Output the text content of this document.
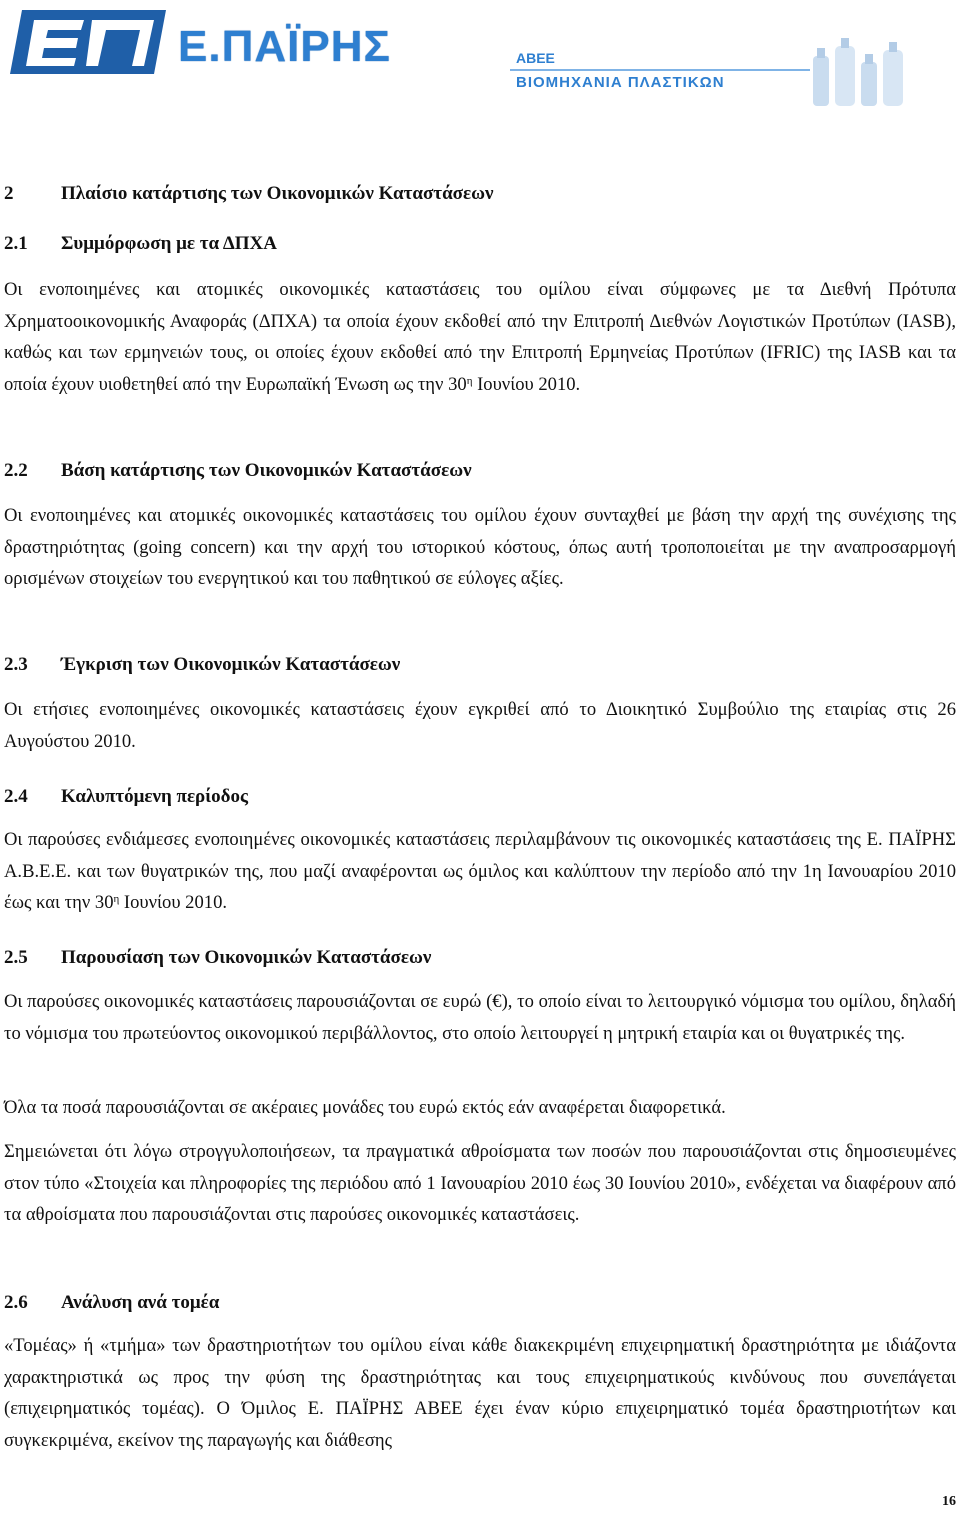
Ε.ΠΑΪΡΗΣ	ΑΒΕΕ
ΒΙΟΜΗΧΑΝΙΑ ΠΛΑΣΤΙΚΩΝ
2	Πλαίσιο κατάρτισης των Οικονομικών Καταστάσεων
2.1 Συμμόρφωση με τα ΔΠΧΑ
Οι ενοποιημένες και ατομικές οικονομικές καταστάσεις του ομίλου είναι σύμφωνες με τα Διεθνή Πρότυπα Χρηματοοικονομικής Αναφοράς (ΔΠΧΑ) τα οποία έχουν εκδοθεί από την Επιτροπή Διεθνών Λογιστικών Προτύπων (IASB), καθώς και των ερμηνειών τους, οι οποίες έχουν εκδοθεί από την Επιτροπή Ερμηνείας Προτύπων (IFRIC) της IASB και τα οποία έχουν υιοθετηθεί από την Ευρωπαϊκή Ένωση ως την $30^\eta$ Ιουνίου 2010.
2.2 Βάση κατάρτισης των Οικονομικών Καταστάσεων
Οι ενοποιημένες και ατομικές οικονομικές καταστάσεις του ομίλου έχουν συνταχθεί με βάση την αρχή της συνέχισης της δραστηριότητας (going concern) και την αρχή του ιστορικού κόστους, όπως αυτή τροποποιείται με την αναπροσαρμογή ορισμένων στοιχείων του ενεργητικού και του παθητικού σε εύλογες αξίες.
2.3 Έγκριση των Οικονομικών Καταστάσεων
Οι ετήσιες ενοποιημένες οικονομικές καταστάσεις έχουν εγκριθεί από το Διοικητικό Συμβούλιο της εταιρίας στις 26 Αυγούστου 2010.
2.4 Καλυπτόμενη περίοδος
Οι παρούσες ενδιάμεσες ενοποιημένες οικονομικές καταστάσεις περιλαμβάνουν τις οικονομικές καταστάσεις της Ε. ΠΑΪΡΗΣ Α.Β.Ε.Ε. και των θυγατρικών της, που μαζί αναφέρονται ως όμιλος και καλύπτουν την περίοδο από την 1η Ιανουαρίου 2010 έως και την $30^\eta$ Ιουνίου 2010.
2.5 Παρουσίαση των Οικονομικών Καταστάσεων
Οι παρούσες οικονομικές καταστάσεις παρουσιάζονται σε ευρώ (€), το οποίο είναι το λειτουργικό νόμισμα του ομίλου, δηλαδή το νόμισμα του πρωτεύοντος οικονομικού περιβάλλοντος, στο οποίο λειτουργεί η μητρική εταιρία και οι θυγατρικές της.
Όλα τα ποσά παρουσιάζονται σε ακέραιες μονάδες του ευρώ εκτός εάν αναφέρεται διαφορετικά.
Σημειώνεται ότι λόγω στρογγυλοποιήσεων, τα πραγματικά αθροίσματα των ποσών που παρουσιάζονται στις δημοσιευμένες στον τύπο «Στοιχεία και πληροφορίες της περιόδου από 1 Ιανουαρίου 2010 έως 30 Ιουνίου 2010», ενδέχεται να διαφέρουν από τα αθροίσματα που παρουσιάζονται στις παρούσες οικονομικές καταστάσεις.
2.6 Ανάλυση ανά τομέα
«Τομέας» ή «τμήμα» των δραστηριοτήτων του ομίλου είναι κάθε διακεκριμένη επιχειρηματική δραστηριότητα με ιδιάζοντα χαρακτηριστικά ως προς την φύση της δραστηριότητας και τους επιχειρηματικούς κινδύνους που συνεπάγεται (επιχειρηματικός τομέας). Ο Όμιλος Ε. ΠΑΪΡΗΣ ΑΒΕΕ έχει έναν κύριο επιχειρηματικό τομέα δραστηριοτήτων και συγκεκριμένα, εκείνον της παραγωγής και διάθεσης
16
